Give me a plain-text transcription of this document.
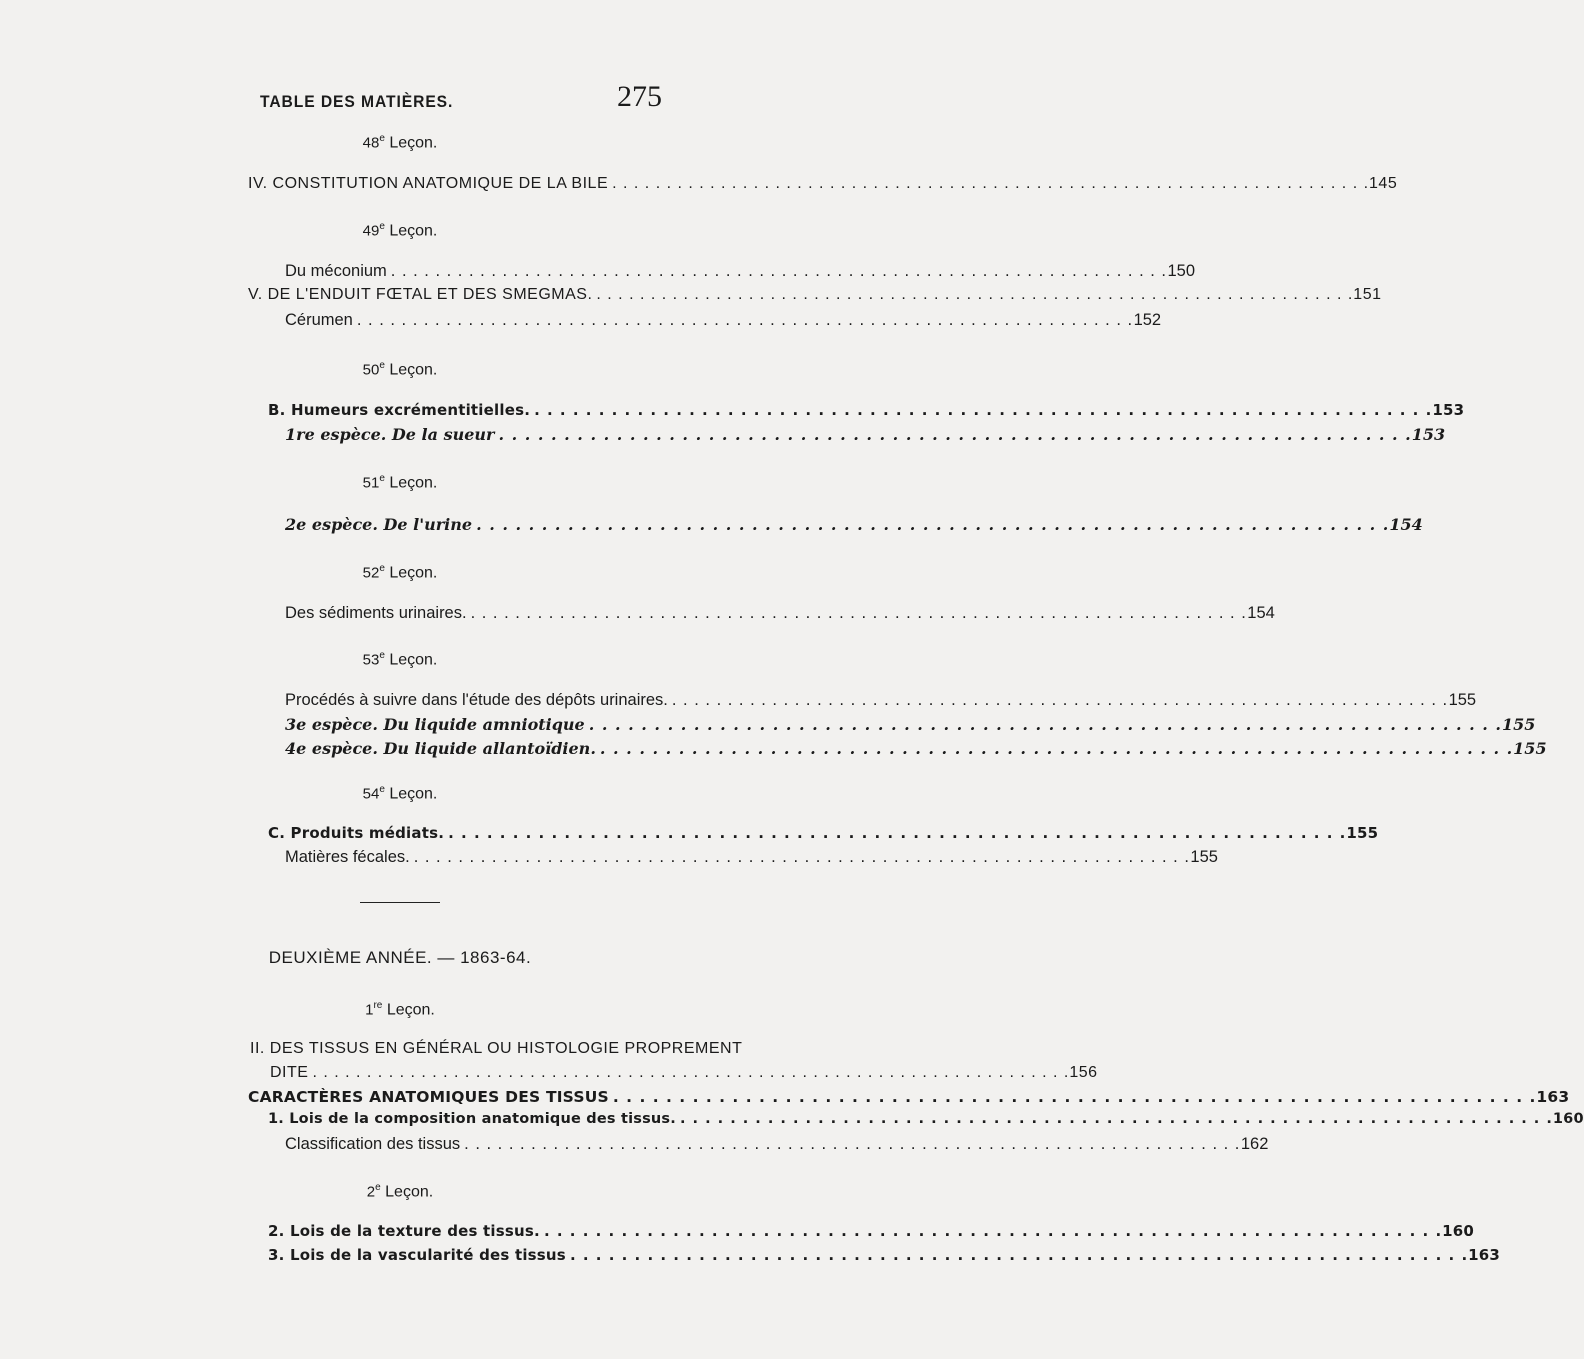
TABLE DES MATIÈRES.	275
48e Leçon.
IV. CONSTITUTION ANATOMIQUE DE LA BILE . . .	145
49e Leçon.
Du méconium . . .	150
V. DE L'ENDUIT FŒTAL ET DES SMEGMAS. . . .	151
Cérumen . . .	152
50e Leçon.
B. Humeurs excrémentitielles. . . .	153
1re espèce. De la sueur . . .	153
51e Leçon.
2e espèce. De l'urine . . .	154
52e Leçon.
Des sédiments urinaires. . . .	154
53e Leçon.
Procédés à suivre dans l'étude des dépôts urinaires. . . .	155
3e espèce. Du liquide amniotique . . .	155
4e espèce. Du liquide allantoïdien. . . .	155
54e Leçon.
C. Produits médiats. . . .	155
Matières fécales. . . .	155
DEUXIÈME ANNÉE. — 1863-64.
1re Leçon.
II. DES TISSUS EN GÉNÉRAL OU HISTOLOGIE PROPREMENT
DITE . . .	156
CARACTÈRES ANATOMIQUES DES TISSUS . . .	163
1. Lois de la composition anatomique des tissus. . . .	160
Classification des tissus . . .	162
2e Leçon.
2. Lois de la texture des tissus. . . .	160
3. Lois de la vascularité des tissus . . .	163
